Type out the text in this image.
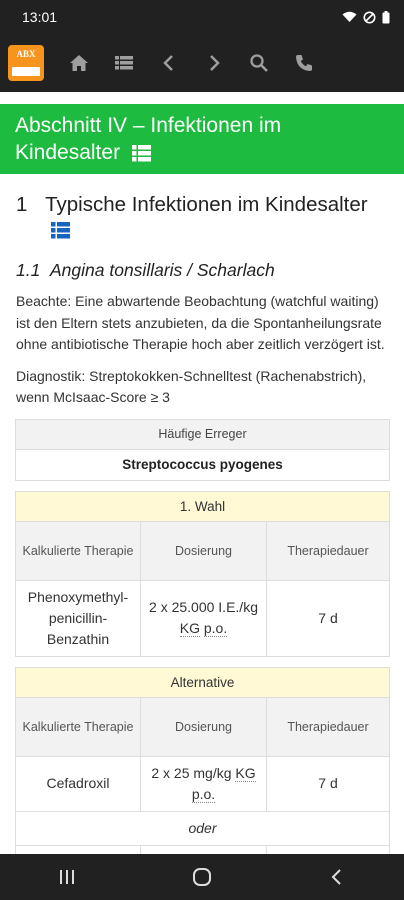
13:01
ABX
Abschnitt IV – Infektionen im Kindesalter
1 Typische Infektionen im Kindesalter
1.1 Angina tonsillaris / Scharlach
Beachte: Eine abwartende Beobachtung (watchful waiting) ist den Eltern stets anzubieten, da die Spontanheilungsrate ohne antibiotische Therapie hoch aber zeitlich verzögert ist.
Diagnostik: Streptokokken-Schnelltest (Rachenabstrich), wenn McIsaac-Score ≥ 3
Häufige Erreger
Streptococcus pyogenes
1. Wahl		
Kalkulierte Therapie	Dosierung	Therapiedauer
Phenoxymethyl-penicillin-Benzathin	2 x 25.000 I.E./kg KG p.o.	7 d
Alternative		
Kalkulierte Therapie	Dosierung	Therapiedauer
Cefadroxil	2 x 25 mg/kg KG p.o.	7 d
oder		
